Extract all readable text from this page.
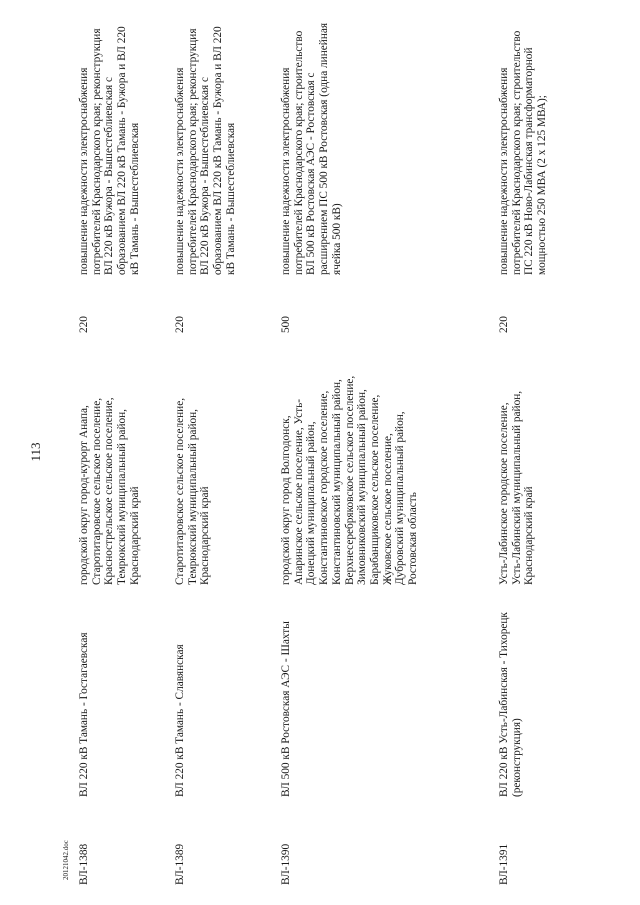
113
20121042.doc ВЛ-1388
ВЛ 220 кВ Тамань - Гостагаевская
городской округ город-курорт Анапа, Старотитаровское сельское поселение, Краснострельское сельское поселение, Темрюкский муниципальный район, Краснодарский край
220
повышение надежности электроснабжения потребителей Краснодарского края; реконструкция ВЛ 220 кВ Бужора - Вышестеблиевская с образованием ВЛ 220 кВ Тамань - Бужора и ВЛ 220 кВ Тамань - Вышестеблиевская
ВЛ-1389
ВЛ 220 кВ Тамань - Славянская
Старотитаровское сельское поселение, Темрюкский муниципальный район, Краснодарский край
220
повышение надежности электроснабжения потребителей Краснодарского края; реконструкция ВЛ 220 кВ Бужора - Вышестеблиевская с образованием ВЛ 220 кВ Тамань - Бужора и ВЛ 220 кВ Тамань - Вышестеблиевская
ВЛ-1390
ВЛ 500 кВ Ростовская АЭС - Шахты
городской округ город Волгодонск, Апаринское сельское поселение, Усть-Донецкий муниципальный район, Константиновское городское поселение, Константиновский муниципальный район, Верхнесеребряковское сельское поселение, Зимовниковский муниципальный район, Барабанщиковское сельское поселение, Жуковское сельское поселение, Дубровский муниципальный район, Ростовская область
500
повышение надежности электроснабжения потребителей Краснодарского края; строительство ВЛ 500 кВ Ростовская АЭС - Ростовская с расширением ПС 500 кВ Ростовская (одна линейная ячейка 500 кВ)
ВЛ-1391
ВЛ 220 кВ Усть-Лабинская - Тихорецк (реконструкция)
Усть-Лабинское городское поселение, Усть-Лабинский муниципальный район, Краснодарский край
220
повышение надежности электроснабжения потребителей Краснодарского края; строительство ПС 220 кВ Ново-Лабинская трансформаторной мощностью 250 МВА (2 x 125 МВА);
